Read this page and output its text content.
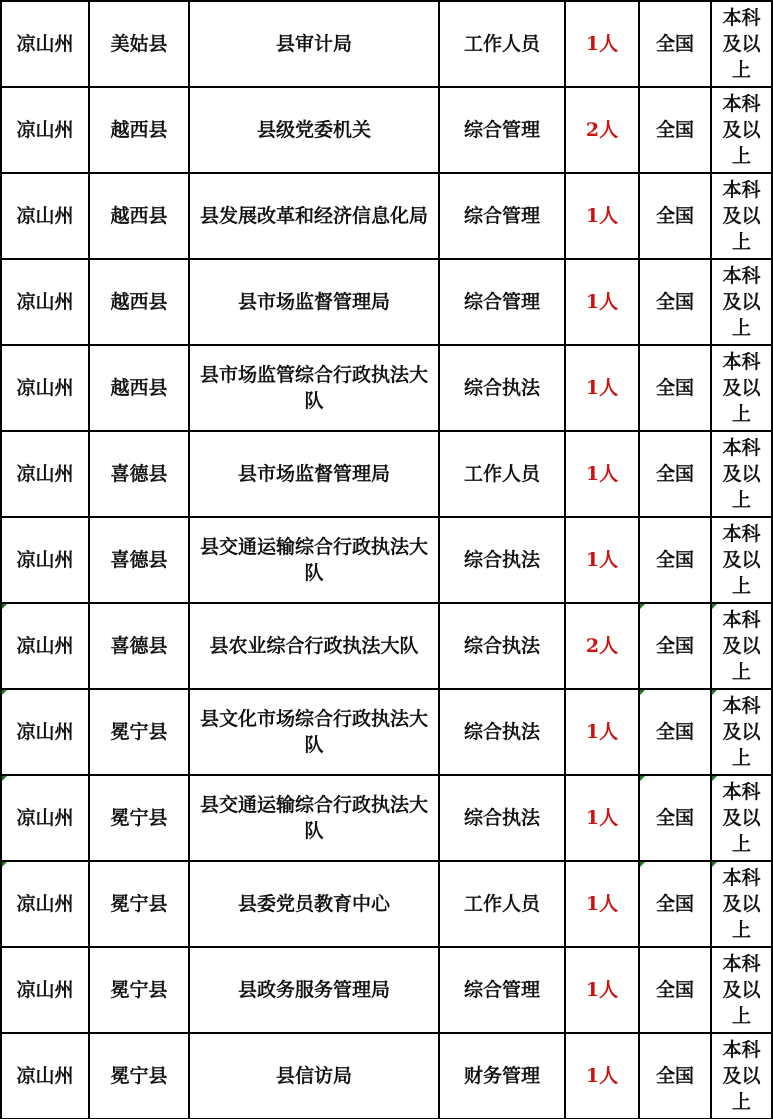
凉山州	美姑县	县审计局	工作人员	1人	全国	本科及以上

凉山州	越西县	县级党委机关	综合管理	2人	全国	本科及以上

凉山州	越西县	县发展改革和经济信息化局	综合管理	1人	全国	本科及以上

凉山州	越西县	县市场监督管理局	综合管理	1人	全国	本科及以上

凉山州	越西县	县市场监管综合行政执法大队	综合执法	1人	全国	本科及以上

凉山州	喜德县	县市场监督管理局	工作人员	1人	全国	本科及以上

凉山州	喜德县	县交通运输综合行政执法大队	综合执法	1人	全国	本科及以上

凉山州	喜德县	县农业综合行政执法大队	综合执法	2人	全国	本科及以上

凉山州	冕宁县	县文化市场综合行政执法大队	综合执法	1人	全国	本科及以上

凉山州	冕宁县	县交通运输综合行政执法大队	综合执法	1人	全国	本科及以上

凉山州	冕宁县	县委党员教育中心	工作人员	1人	全国	本科及以上

凉山州	冕宁县	县政务服务管理局	综合管理	1人	全国	本科及以上

凉山州	冕宁县	县信访局	财务管理	1人	全国	本科及以上
